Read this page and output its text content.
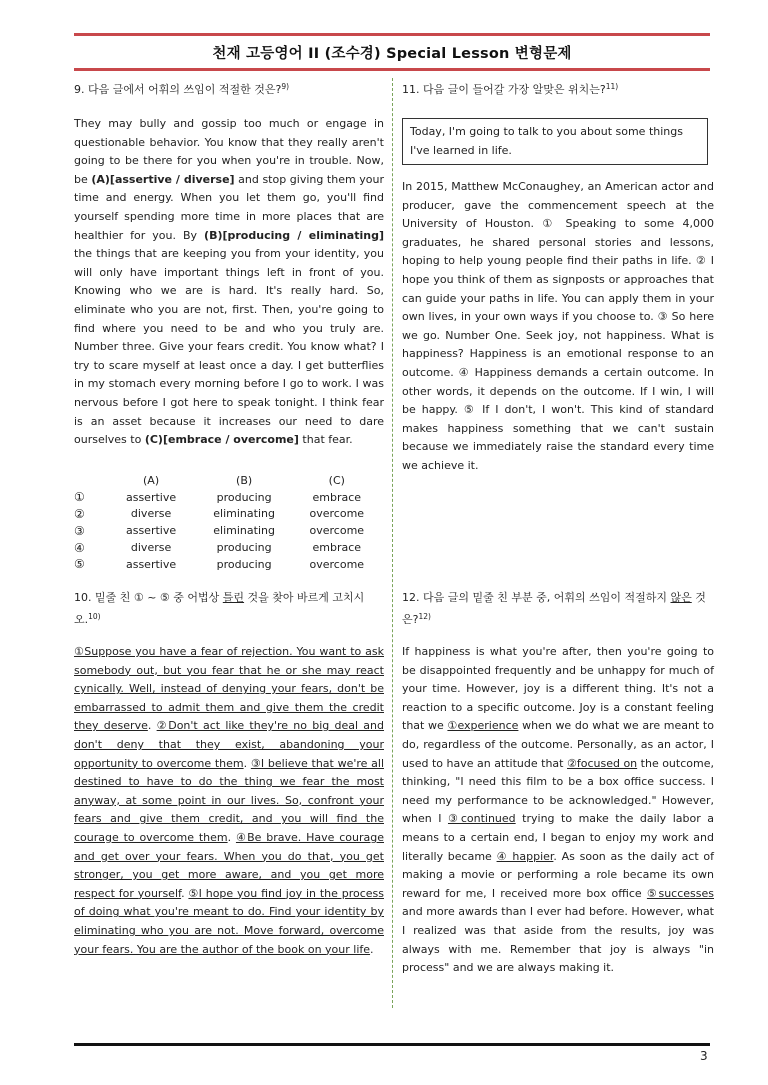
천재 고등영어 II (조수경) Special Lesson 변형문제
9. 다음 글에서 어휘의 쓰임이 적절한 것은?$^{9)}$
They may bully and gossip too much or engage in questionable behavior. You know that they really aren't going to be there for you when you're in trouble. Now, be (A)[assertive / diverse] and stop giving them your time and energy. When you let them go, you'll find yourself spending more time in more places that are healthier for you. By (B)[producing / eliminating] the things that are keeping you from your identity, you will only have important things left in front of you. Knowing who we are is hard. It's really hard. So, eliminate who you are not, first. Then, you're going to find where you need to be and who you truly are. Number three. Give your fears credit. You know what? I try to scare myself at least once a day. I get butterflies in my stomach every morning before I go to work. I was nervous before I got here to speak tonight. I think fear is an asset because it increases our need to dare ourselves to (C)[embrace / overcome] that fear.
	(A)	(B)	(C)
①	assertive	producing	embrace
②	diverse	eliminating	overcome
③	assertive	eliminating	overcome
④	diverse	producing	embrace
⑤	assertive	producing	overcome
10. 밑줄 친 ① ~ ⑤ 중 어법상 틀린 것을 찾아 바르게 고치시오.$^{10)}$
①Suppose you have a fear of rejection. You want to ask somebody out, but you fear that he or she may react cynically. Well, instead of denying your fears, don't be embarrassed to admit them and give them the credit they deserve. ②Don't act like they're no big deal and don't deny that they exist, abandoning your opportunity to overcome them. ③I believe that we're all destined to have to do the thing we fear the most anyway, at some point in our lives. So, confront your fears and give them credit, and you will find the courage to overcome them. ④Be brave. Have courage and get over your fears. When you do that, you get stronger, you get more aware, and you get more respect for yourself. ⑤I hope you find joy in the process of doing what you're meant to do. Find your identity by eliminating who you are not. Move forward, overcome your fears. You are the author of the book on your life.
11. 다음 글이 들어갈 가장 알맞은 위치는?$^{11)}$
Today, I'm going to talk to you about some things I've learned in life.
In 2015, Matthew McConaughey, an American actor and producer, gave the commencement speech at the University of Houston. ① Speaking to some 4,000 graduates, he shared personal stories and lessons, hoping to help young people find their paths in life. ② I hope you think of them as signposts or approaches that can guide your paths in life. You can apply them in your own lives, in your own ways if you choose to. ③ So here we go. Number One. Seek joy, not happiness. What is happiness? Happiness is an emotional response to an outcome. ④ Happiness demands a certain outcome. In other words, it depends on the outcome. If I win, I will be happy. ⑤ If I don't, I won't. This kind of standard makes happiness something that we can't sustain because we immediately raise the standard every time we achieve it.
12. 다음 글의 밑줄 친 부분 중, 어휘의 쓰임이 적절하지 않은 것은?$^{12)}$
If happiness is what you're after, then you're going to be disappointed frequently and be unhappy for much of your time. However, joy is a different thing. It's not a reaction to a specific outcome. Joy is a constant feeling that we ①experience when we do what we are meant to do, regardless of the outcome. Personally, as an actor, I used to have an attitude that ②focused on the outcome, thinking, "I need this film to be a box office success. I need my performance to be acknowledged." However, when I ③continued trying to make the daily labor a means to a certain end, I began to enjoy my work and literally became ④ happier. As soon as the daily act of making a movie or performing a role became its own reward for me, I received more box office ⑤successes and more awards than I ever had before. However, what I realized was that aside from the results, joy was always with me. Remember that joy is always "in process" and we are always making it.
3
